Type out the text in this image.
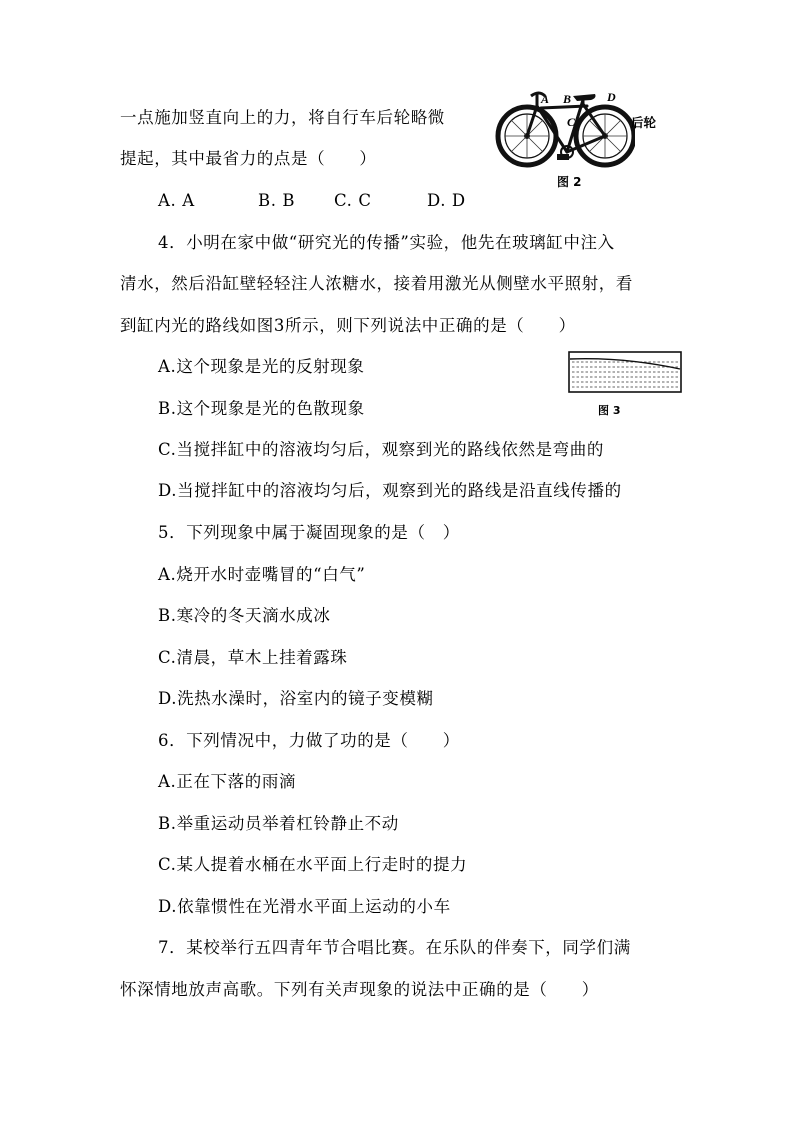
一点施加竖直向上的力，将自行车后轮略微
提起，其中最省力的点是（　　）
A. A	B. B C. C	D. D
A B	D
C	后轮
图 2
4．小明在家中做“研究光的传播”实验，他先在玻璃缸中注入
清水，然后沿缸壁轻轻注人浓糖水，接着用激光从侧壁水平照射，看
到缸内光的路线如图3所示，则下列说法中正确的是（　　）
A.这个现象是光的反射现象
B.这个现象是光的色散现象
C.当搅拌缸中的溶液均匀后，观察到光的路线依然是弯曲的
D.当搅拌缸中的溶液均匀后，观察到光的路线是沿直线传播的
图 3
5．下列现象中属于凝固现象的是（　）
A.烧开水时壶嘴冒的“白气”
B.寒冷的冬天滴水成冰
C.清晨，草木上挂着露珠
D.洗热水澡时，浴室内的镜子变模糊
6．下列情况中，力做了功的是（　　）
A.正在下落的雨滴
B.举重运动员举着杠铃静止不动
C.某人提着水桶在水平面上行走时的提力
D.依靠惯性在光滑水平面上运动的小车
7．某校举行五四青年节合唱比赛。在乐队的伴奏下，同学们满
怀深情地放声高歌。下列有关声现象的说法中正确的是（　　）
